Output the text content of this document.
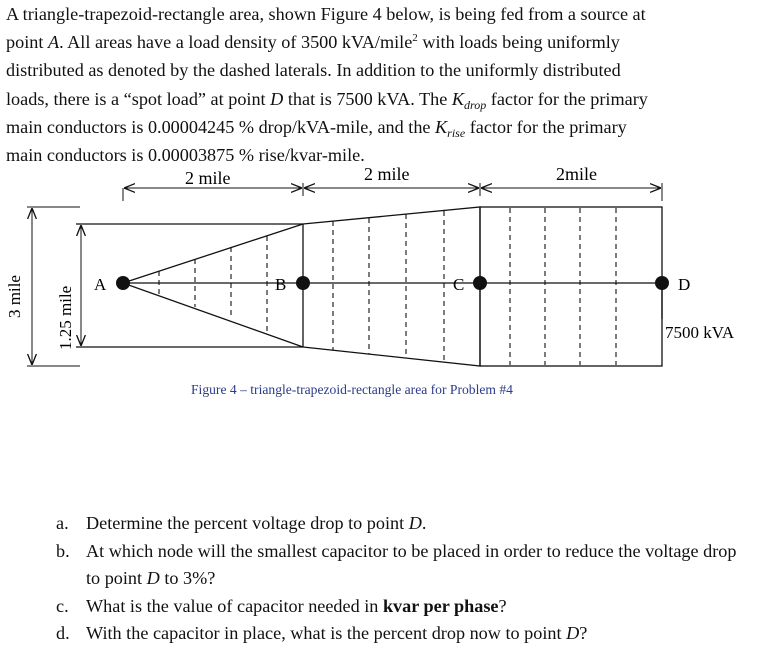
A triangle-trapezoid-rectangle area, shown Figure 4 below, is being fed from a source at

point A. All areas have a load density of 3500 kVA/mile$^2$ with loads being uniformly

distributed as denoted by the dashed laterals. In addition to the uniformly distributed

loads, there is a “spot load” at point D that is 7500 kVA. The $K_{drop}$ factor for the primary

main conductors is 0.00004245 % drop/kVA-mile, and the $K_{rise}$ factor for the primary

main conductors is 0.00003875 % rise/kvar-mile.

2 mile	2 mile	2mile
3 mile 1.25 mile
A	B	C	D
7500 kVA
Figure 4 – triangle-trapezoid-rectangle area for Problem #4
a. Determine the percent voltage drop to point D.
b. At which node will the smallest capacitor to be placed in order to reduce the voltage drop to point D to 3%?
c. What is the value of capacitor needed in kvar per phase?
d. With the capacitor in place, what is the percent drop now to point D?
